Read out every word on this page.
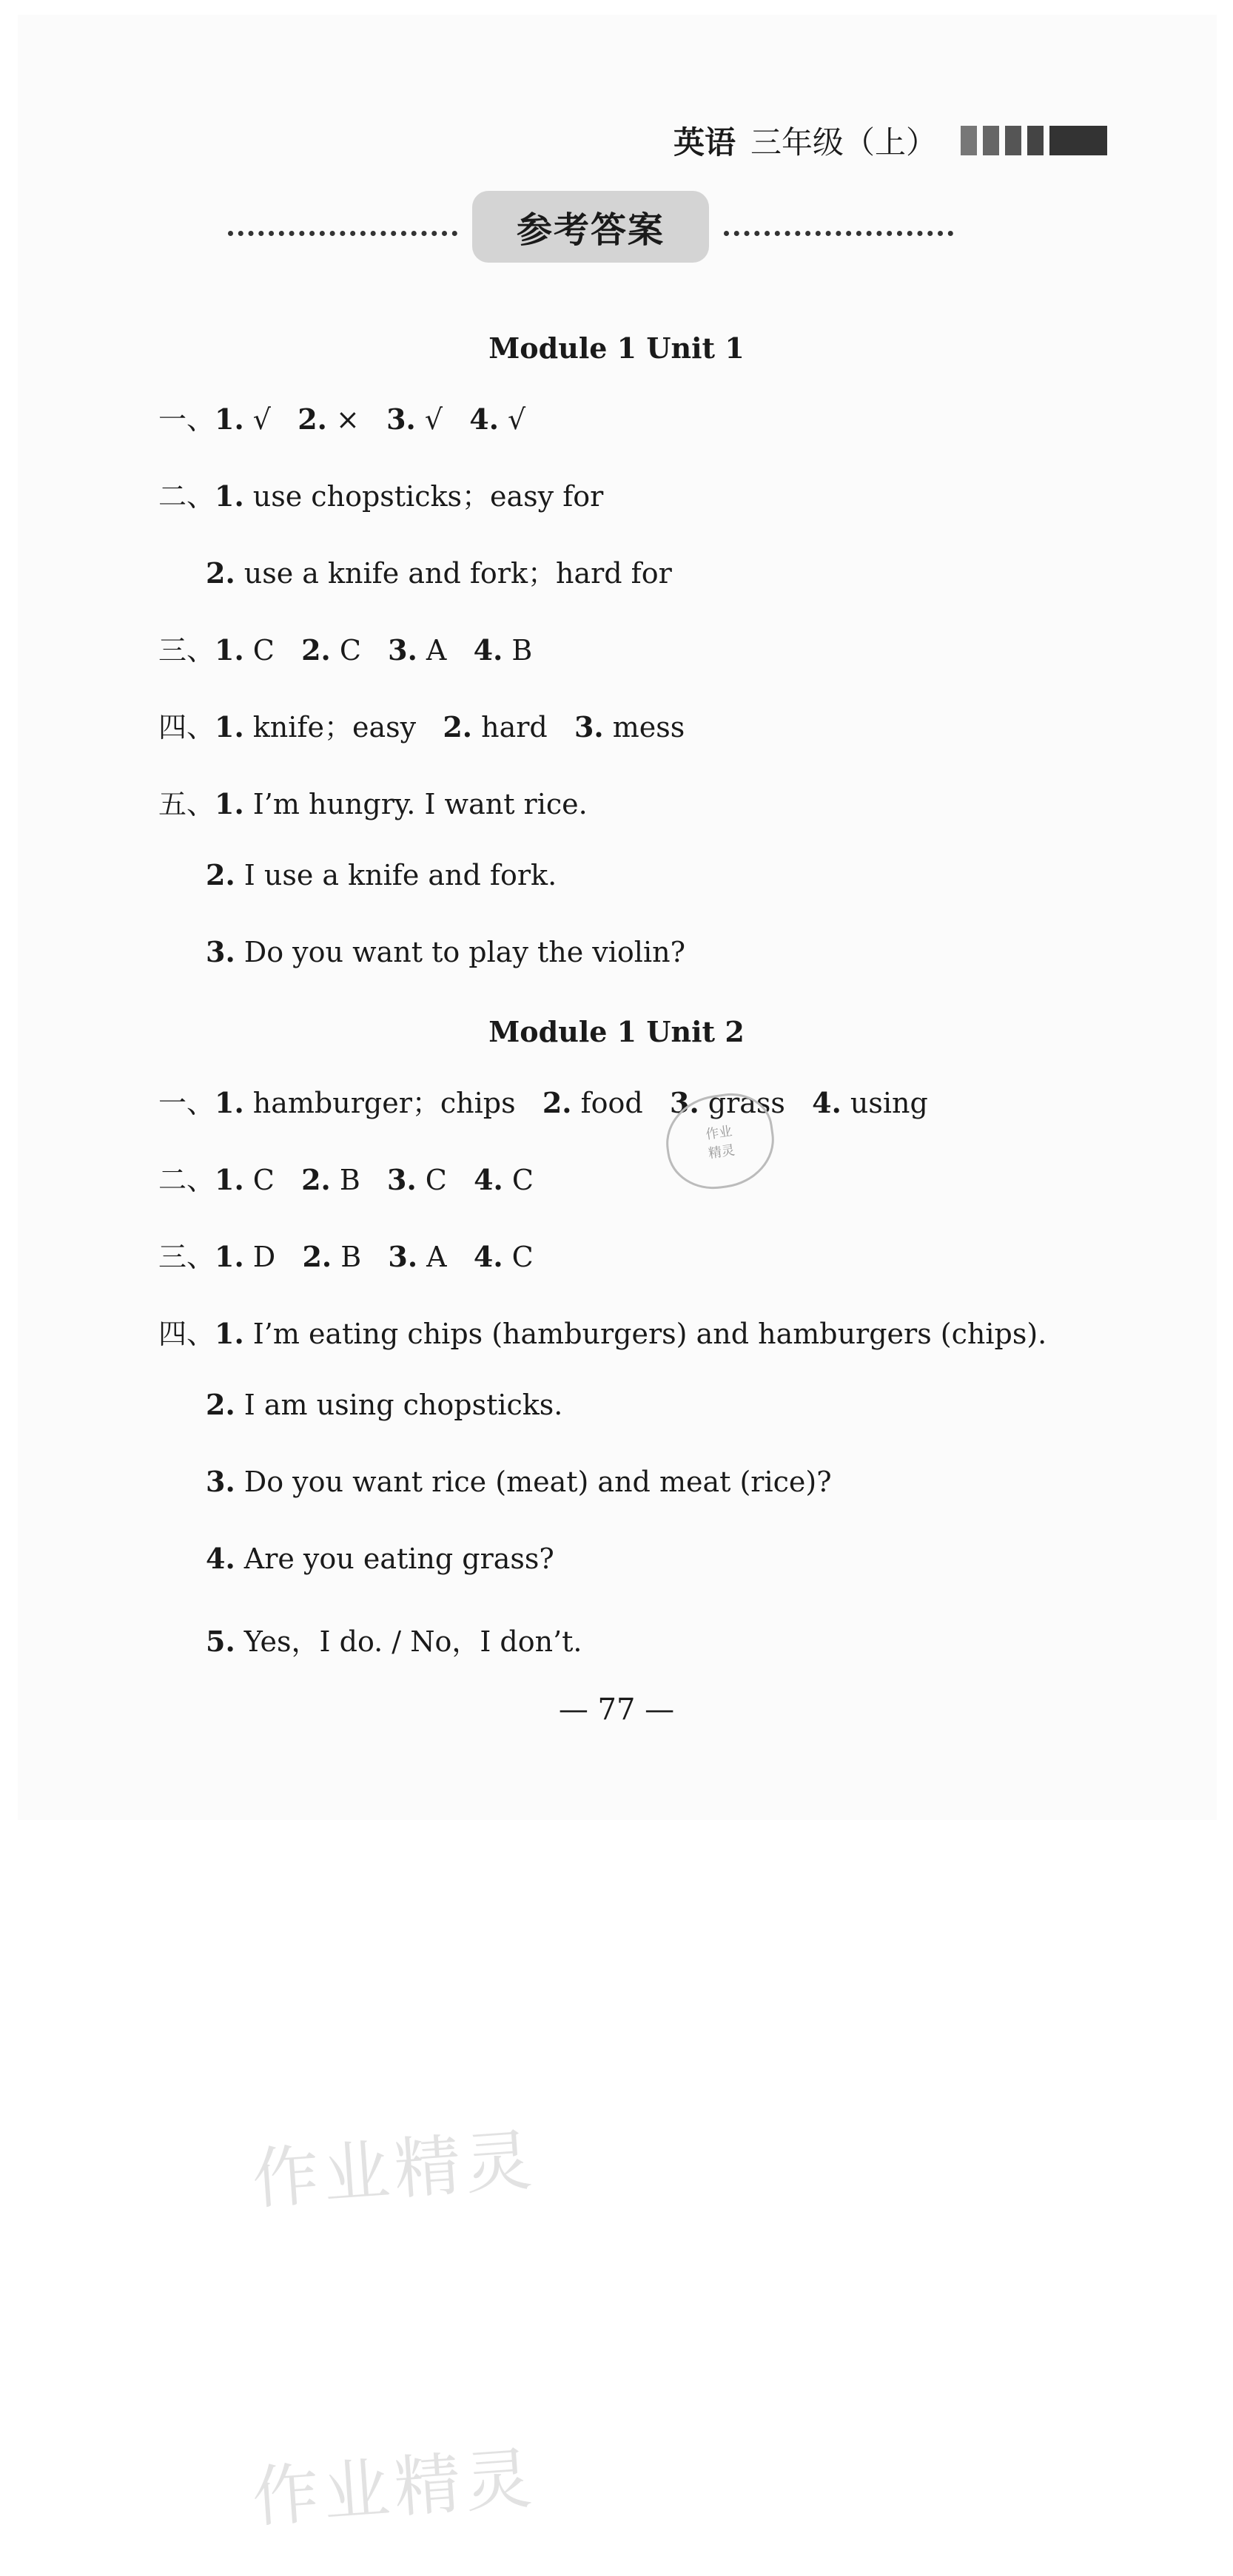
英语 三年级（上）
参考答案
Module 1 Unit 1
一、1. √ 2. × 3. √ 4. √
二、1. use chopsticks；easy for
2. use a knife and fork；hard for
三、1. C 2. C 3. A 4. B
四、1. knife；easy 2. hard 3. mess
五、1. I’m hungry. I want rice.
2. I use a knife and fork.
3. Do you want to play the violin?
Module 1 Unit 2
一、1. hamburger；chips 2. food 3. grass 4. using
二、1. C 2. B 3. C 4. C
三、1. D 2. B 3. A 4. C
四、1. I’m eating chips (hamburgers) and hamburgers (chips).
2. I am using chopsticks.
3. Do you want rice (meat) and meat (rice)?
4. Are you eating grass?
5. Yes，I do. / No，I don’t.
作业
精灵
— 77 —
作业精灵
作业精灵
